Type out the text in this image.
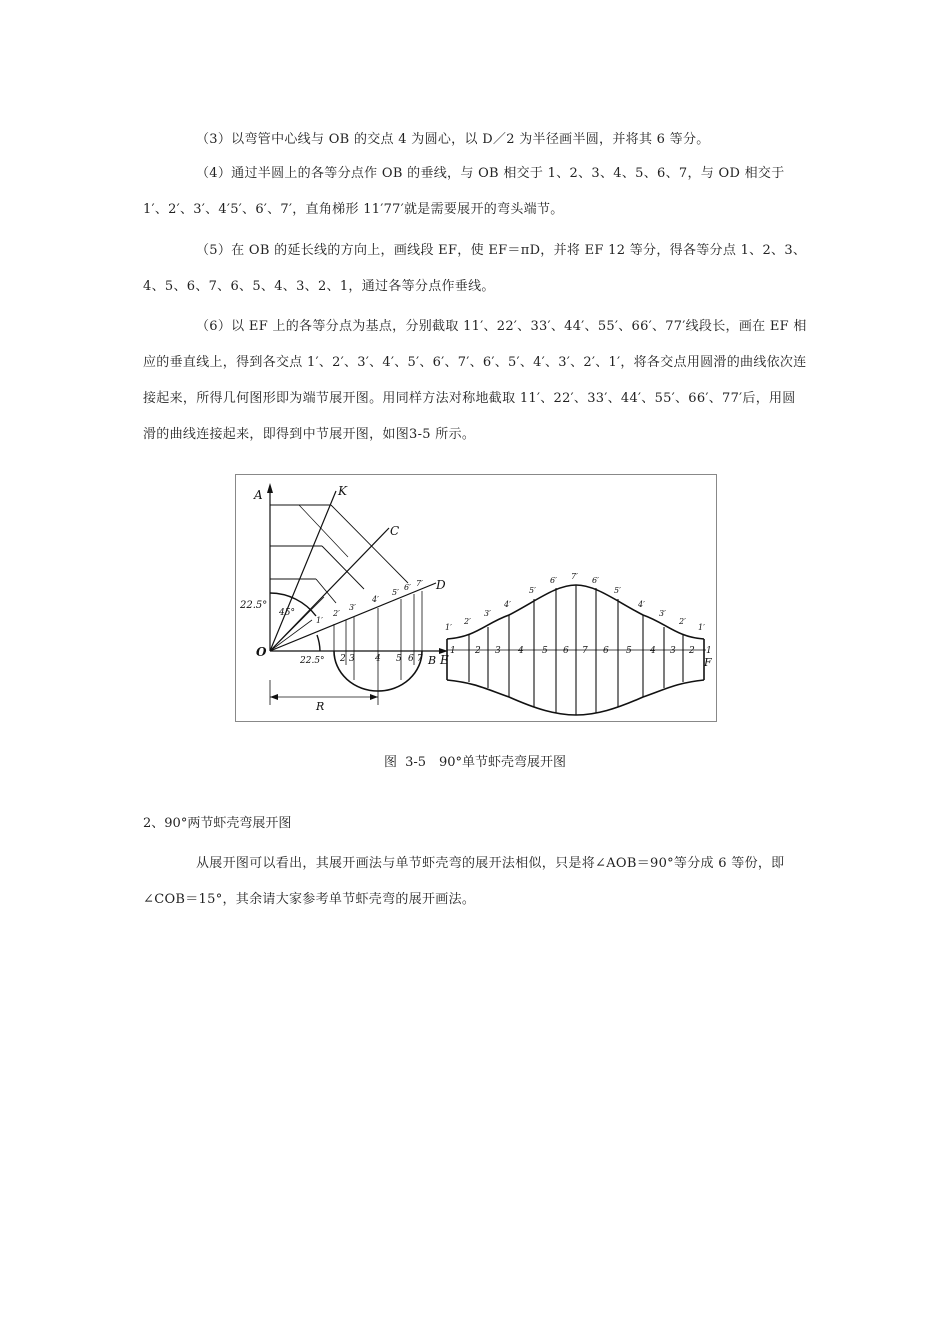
（3）以弯管中心线与 OB 的交点 4 为圆心，以 D／2 为半径画半圆，并将其 6 等分。

（4）通过半圆上的各等分点作 OB 的垂线，与 OB 相交于 1、2、3、4、5、6、7，与 OD 相交于 1′、2′、3′、4′5′、6′、7′，直角梯形 11′77′就是需要展开的弯头端节。

（5）在 OB 的延长线的方向上，画线段 EF，使 EF＝πD，并将 EF 12 等分，得各等分点 1、2、3、4、5、6、7、6、5、4、3、2、1，通过各等分点作垂线。

（6）以 EF 上的各等分点为基点，分别截取 11′、22′、33′、44′、55′、66′、77′线段长，画在 EF 相应的垂直线上，得到各交点 1′、2′、3′、4′、5′、6′、7′、6′、5′、4′、3′、2′、1′，将各交点用圆滑的曲线依次连接起来，所得几何图形即为端节展开图。用同样方法对称地截取 11′、22′、33′、44′、55′、66′、77′后，用圆滑的曲线连接起来，即得到中节展开图，如图3-5 所示。

A	K
C
D
O
B E
R
22.5°
45°
22.5° 2 3 4 5 6 7
1′
2′
3′
4′
5′
6′ 7′
1′
2′
3′
4′
5′
6′ 7′ 6′
5′
4′
3′
2′
1′
1 2 3 4 5 6 7 6 5 4 3 2 1
F
图 3-5　90°单节虾壳弯展开图
2、90°两节虾壳弯展开图

从展开图可以看出，其展开画法与单节虾壳弯的展开法相似，只是将∠AOB＝90°等分成 6 等份，即∠COB＝15°，其余请大家参考单节虾壳弯的展开画法。
